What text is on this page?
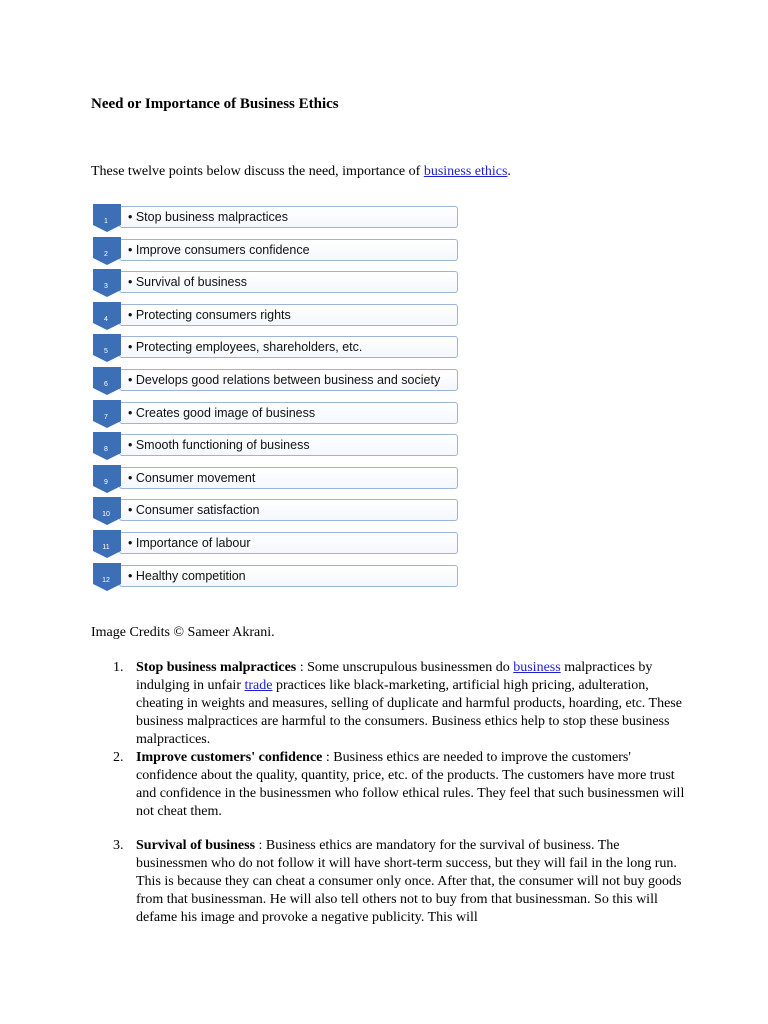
Need or Importance of Business Ethics

These twelve points below discuss the need, importance of business ethics.

1	• Stop business malpractices
2	• Improve consumers confidence
3	• Survival of business
4	• Protecting consumers rights
5	• Protecting employees, shareholders, etc.
6	• Develops good relations between business and society
7	• Creates good image of business
8	• Smooth functioning of business
9	• Consumer movement
10	• Consumer satisfaction
11	• Importance of labour
12	• Healthy competition

Image Credits © Sameer Akrani.

1. Stop business malpractices : Some unscrupulous businessmen do business malpractices by indulging in unfair trade practices like black-marketing, artificial high pricing, adulteration, cheating in weights and measures, selling of duplicate and harmful products, hoarding, etc. These business malpractices are harmful to the consumers. Business ethics help to stop these business malpractices.
2. Improve customers' confidence : Business ethics are needed to improve the customers' confidence about the quality, quantity, price, etc. of the products. The customers have more trust and confidence in the businessmen who follow ethical rules. They feel that such businessmen will not cheat them.
3. Survival of business : Business ethics are mandatory for the survival of business. The businessmen who do not follow it will have short-term success, but they will fail in the long run. This is because they can cheat a consumer only once. After that, the consumer will not buy goods from that businessman. He will also tell others not to buy from that businessman. So this will defame his image and provoke a negative publicity. This will
